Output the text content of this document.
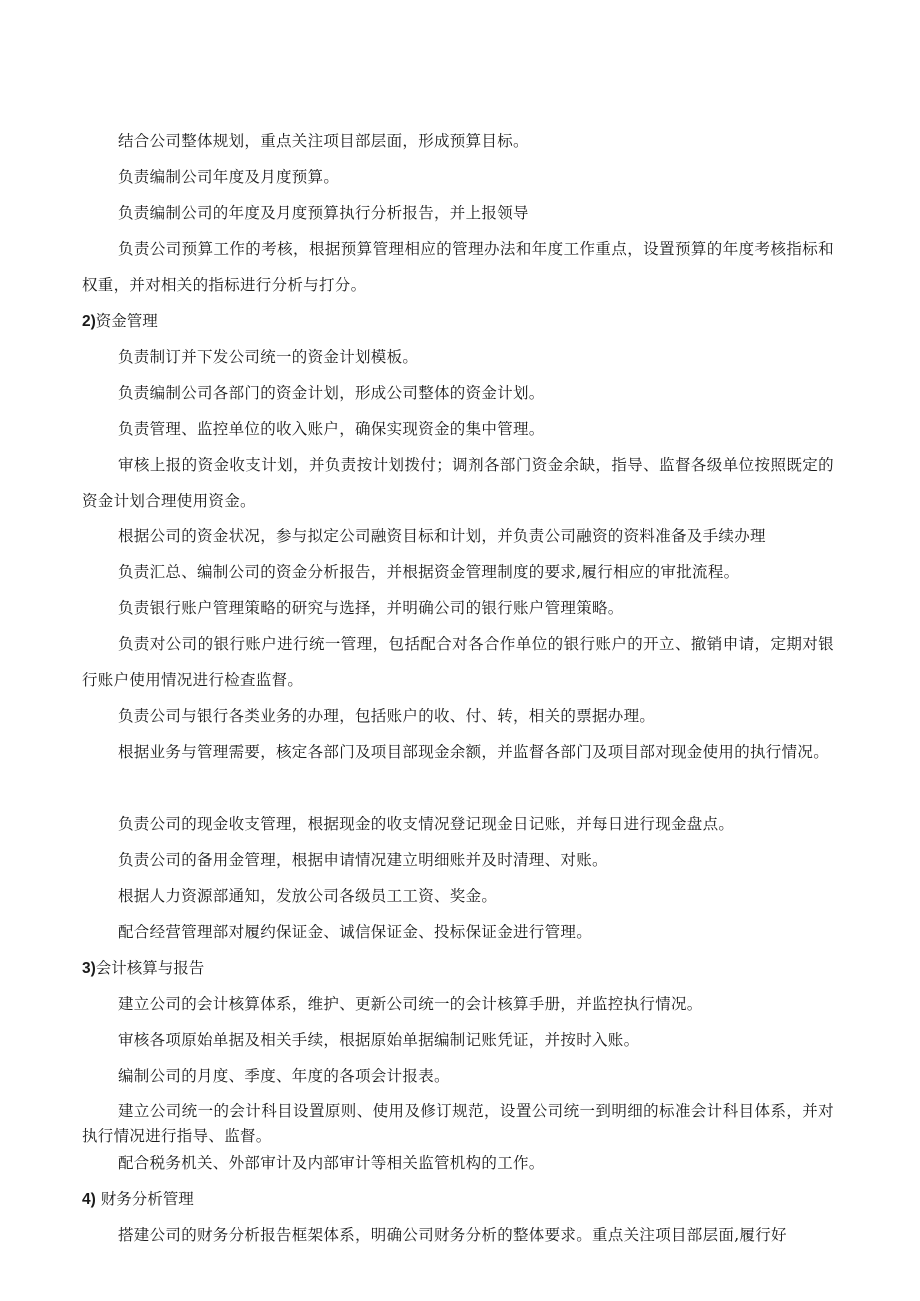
结合公司整体规划，重点关注项目部层面，形成预算目标。

负责编制公司年度及月度预算。

负责编制公司的年度及月度预算执行分析报告，并上报领导

负责公司预算工作的考核，根据预算管理相应的管理办法和年度工作重点，设置预算的年度考核指标和权重，并对相关的指标进行分析与打分。

2)资金管理

负责制订并下发公司统一的资金计划模板。

负责编制公司各部门的资金计划，形成公司整体的资金计划。

负责管理、监控单位的收入账户，确保实现资金的集中管理。

审核上报的资金收支计划，并负责按计划拨付；调剂各部门资金余缺，指导、监督各级单位按照既定的资金计划合理使用资金。

根据公司的资金状况，参与拟定公司融资目标和计划，并负责公司融资的资料准备及手续办理

负责汇总、编制公司的资金分析报告，并根据资金管理制度的要求,履行相应的审批流程。

负责银行账户管理策略的研究与选择，并明确公司的银行账户管理策略。

负责对公司的银行账户进行统一管理，包括配合对各合作单位的银行账户的开立、撤销申请，定期对银行账户使用情况进行检查监督。

负责公司与银行各类业务的办理，包括账户的收、付、转，相关的票据办理。

根据业务与管理需要，核定各部门及项目部现金余额，并监督各部门及项目部对现金使用的执行情况。

负责公司的现金收支管理，根据现金的收支情况登记现金日记账，并每日进行现金盘点。

负责公司的备用金管理，根据申请情况建立明细账并及时清理、对账。

根据人力资源部通知，发放公司各级员工工资、奖金。

配合经营管理部对履约保证金、诚信保证金、投标保证金进行管理。

3)会计核算与报告

建立公司的会计核算体系，维护、更新公司统一的会计核算手册，并监控执行情况。

审核各项原始单据及相关手续，根据原始单据编制记账凭证，并按时入账。

编制公司的月度、季度、年度的各项会计报表。

建立公司统一的会计科目设置原则、使用及修订规范，设置公司统一到明细的标准会计科目体系，并对执行情况进行指导、监督。

配合税务机关、外部审计及内部审计等相关监管机构的工作。

4) 财务分析管理

搭建公司的财务分析报告框架体系，明确公司财务分析的整体要求。重点关注项目部层面,履行好
